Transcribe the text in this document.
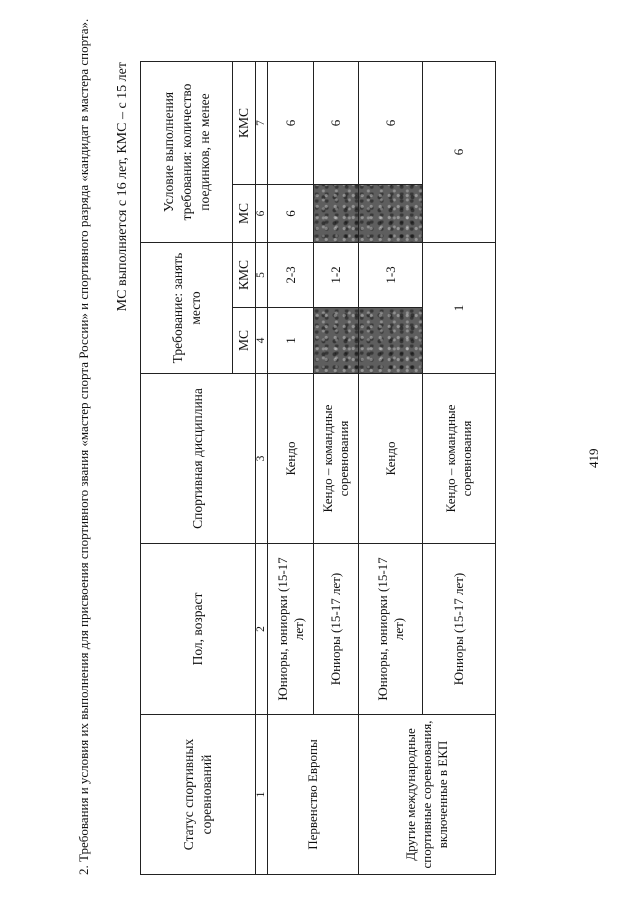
419
2. Требования и условия их выполнения для присвоения спортивного звания «мастер спорта России» и спортивного разряда «кандидат в мастера спорта». МС выполняется с 16 лет, КМС – с 15 лет
Статус спортивных соревнований	Пол, возраст	Спортивная дисциплина	Требование: занять место		Условие выполнения требования: количество поединков, не менее	
			МС	КМС	МС	КМС
1	2	3	4	5	6	7
Первенство Европы	Юниоры, юниорки (15-17 лет)	Кендо	1	2-3	6	6
	Юниоры (15-17 лет)	Кендо – командные соревнования		1-2		6
Другие международные спортивные соревнования, включенные в ЕКП	Юниоры, юниорки (15-17 лет)	Кендо		1-3		6
	Юниоры (15-17 лет)	Кендо – командные соревнования	1		6	
